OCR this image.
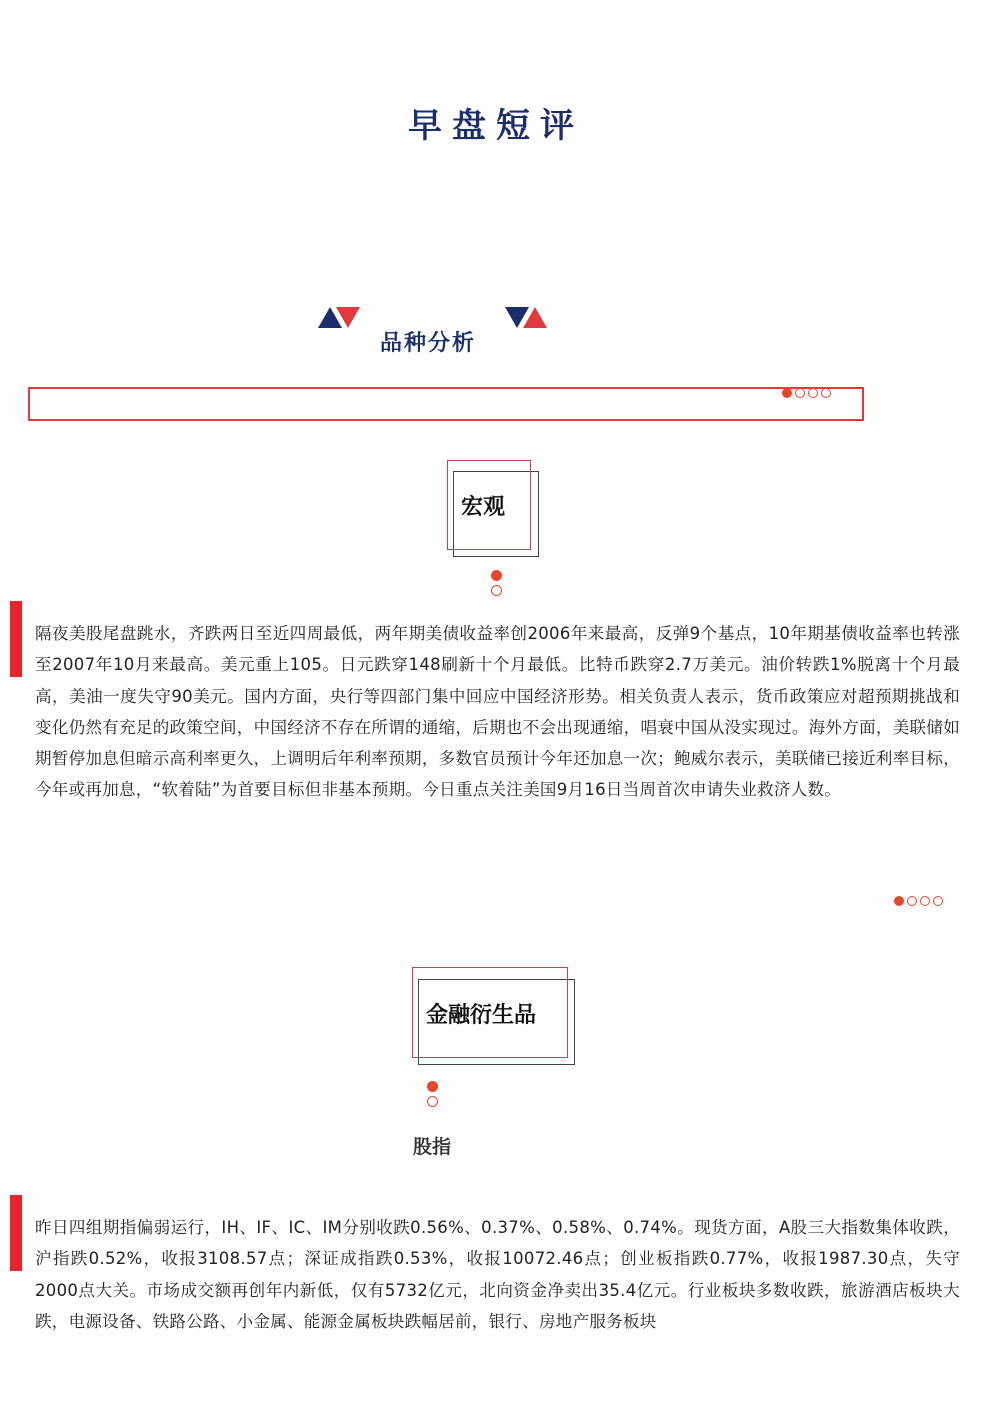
早盘短评
品种分析
宏观
隔夜美股尾盘跳水，齐跌两日至近四周最低，两年期美债收益率创2006年来最高，反弹9个基点，10年期基债收益率也转涨至2007年10月来最高。美元重上105。日元跌穿148刷新十个月最低。比特币跌穿2.7万美元。油价转跌1%脱离十个月最高，美油一度失守90美元。国内方面，央行等四部门集中回应中国经济形势。相关负责人表示，货币政策应对超预期挑战和变化仍然有充足的政策空间，中国经济不存在所谓的通缩，后期也不会出现通缩，唱衰中国从没实现过。海外方面，美联储如期暂停加息但暗示高利率更久，上调明后年利率预期，多数官员预计今年还加息一次；鲍威尔表示，美联储已接近利率目标，今年或再加息，“软着陆”为首要目标但非基本预期。今日重点关注美国9月16日当周首次申请失业救济人数。
金融衍生品
股指
昨日四组期指偏弱运行，IH、IF、IC、IM分别收跌0.56%、0.37%、0.58%、0.74%。现货方面，A股三大指数集体收跌，沪指跌0.52%，收报3108.57点；深证成指跌0.53%，收报10072.46点；创业板指跌0.77%，收报1987.30点，失守2000点大关。市场成交额再创年内新低，仅有5732亿元，北向资金净卖出35.4亿元。行业板块多数收跌，旅游酒店板块大跌，电源设备、铁路公路、小金属、能源金属板块跌幅居前，银行、房地产服务板块
